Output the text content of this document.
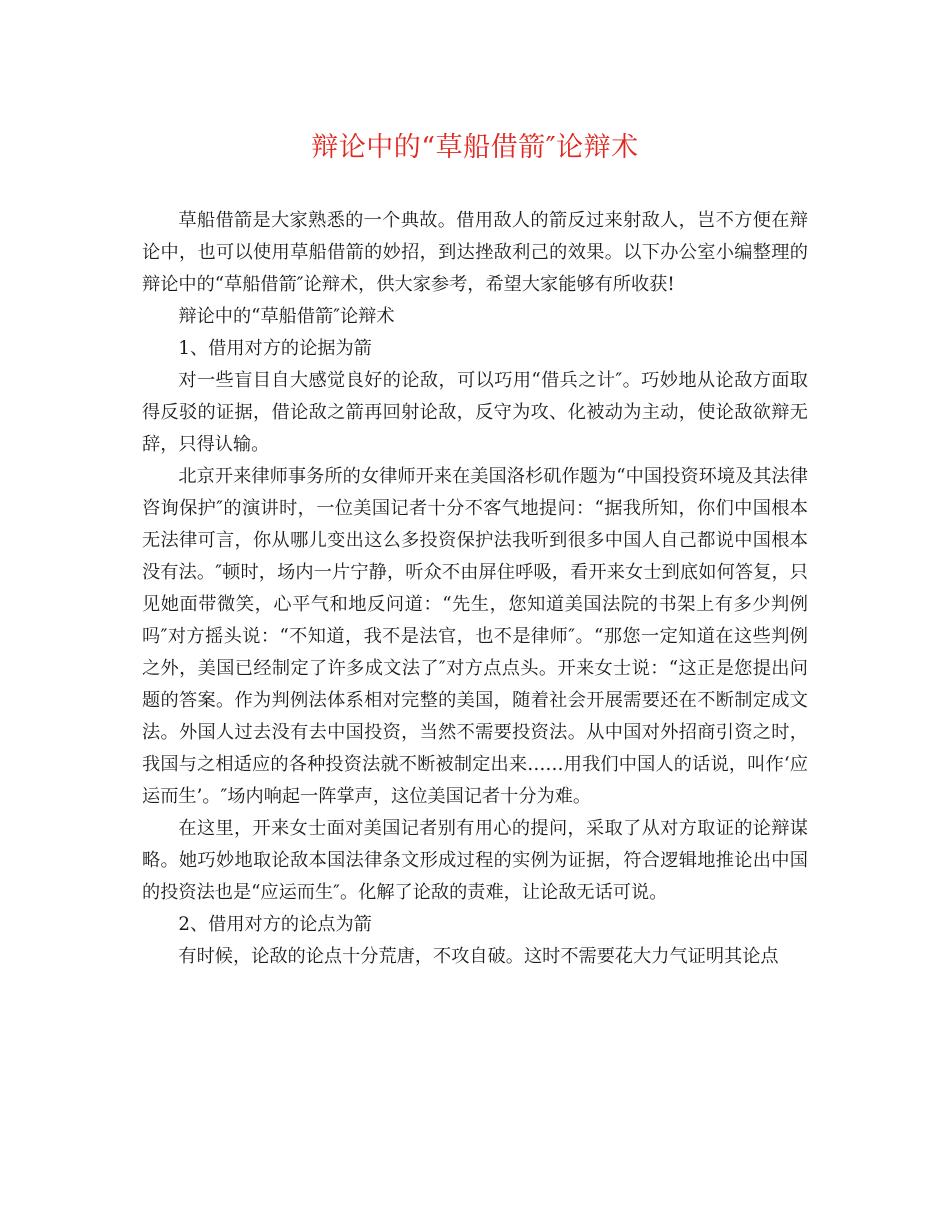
辩论中的“草船借箭″论辩术

草船借箭是大家熟悉的一个典故。借用敌人的箭反过来射敌人，岂不方便在辩论中，也可以使用草船借箭的妙招，到达挫敌利己的效果。以下办公室小编整理的辩论中的“草船借箭″论辩术，供大家参考，希望大家能够有所收获!

辩论中的“草船借箭″论辩术

1、借用对方的论据为箭

对一些盲目自大感觉良好的论敌，可以巧用“借兵之计″。巧妙地从论敌方面取得反驳的证据，借论敌之箭再回射论敌，反守为攻、化被动为主动，使论敌欲辩无辞，只得认输。

北京开来律师事务所的女律师开来在美国洛杉矶作题为“中国投资环境及其法律咨询保护″的演讲时，一位美国记者十分不客气地提问：“据我所知，你们中国根本无法律可言，你从哪儿变出这么多投资保护法我听到很多中国人自己都说中国根本没有法。″顿时，场内一片宁静，听众不由屏住呼吸，看开来女士到底如何答复，只见她面带微笑，心平气和地反问道：“先生，您知道美国法院的书架上有多少判例吗″对方摇头说：“不知道，我不是法官，也不是律师″。“那您一定知道在这些判例之外，美国已经制定了许多成文法了″对方点点头。开来女士说：“这正是您提出问题的答案。作为判例法体系相对完整的美国，随着社会开展需要还在不断制定成文法。外国人过去没有去中国投资，当然不需要投资法。从中国对外招商引资之时，我国与之相适应的各种投资法就不断被制定出来……用我们中国人的话说，叫作‘应运而生’。″场内响起一阵掌声，这位美国记者十分为难。

在这里，开来女士面对美国记者别有用心的提问，采取了从对方取证的论辩谋略。她巧妙地取论敌本国法律条文形成过程的实例为证据，符合逻辑地推论出中国的投资法也是“应运而生″。化解了论敌的责难，让论敌无话可说。

2、借用对方的论点为箭

有时候，论敌的论点十分荒唐，不攻自破。这时不需要花大力气证明其论点
